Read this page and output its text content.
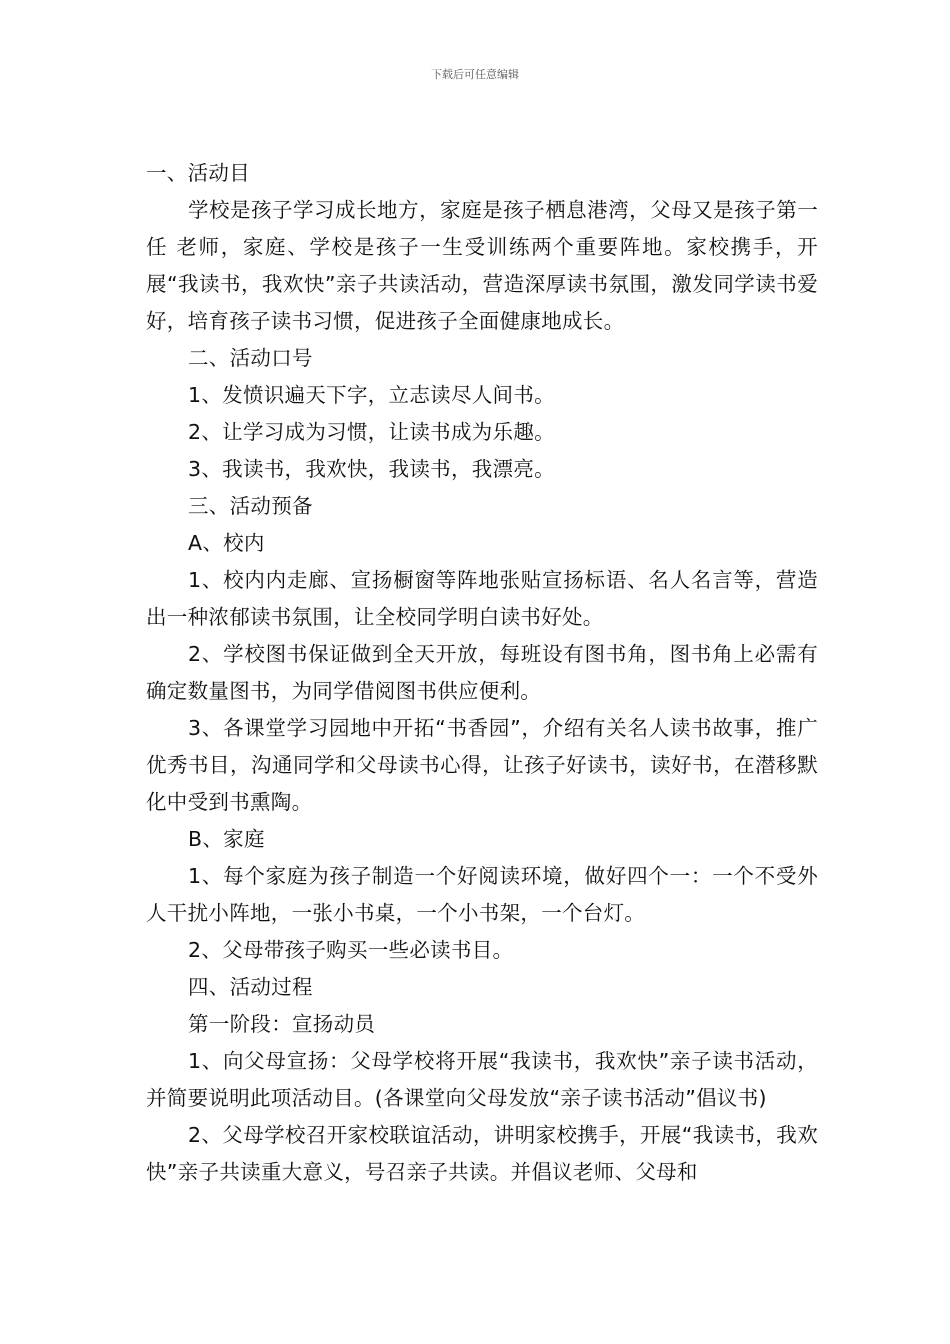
下载后可任意编辑

一、活动目

学校是孩子学习成长地方，家庭是孩子栖息港湾，父母又是孩子第一 任 老师，家庭、学校是孩子一生受训练两个重要阵地。家校携手，开展“我读书，我欢快”亲子共读活动，营造深厚读书氛围，激发同学读书爱好，培育孩子读书习惯，促进孩子全面健康地成长。

二、活动口号

1、发愤识遍天下字，立志读尽人间书。

2、让学习成为习惯，让读书成为乐趣。

3、我读书，我欢快，我读书，我漂亮。

三、活动预备

A、校内

1、校内内走廊、宣扬橱窗等阵地张贴宣扬标语、名人名言等，营造出一种浓郁读书氛围，让全校同学明白读书好处。

2、学校图书保证做到全天开放，每班设有图书角，图书角上必需有确定数量图书，为同学借阅图书供应便利。

3、各课堂学习园地中开拓“书香园”，介绍有关名人读书故事，推广优秀书目，沟通同学和父母读书心得，让孩子好读书，读好书，在潜移默化中受到书熏陶。

B、家庭

1、每个家庭为孩子制造一个好阅读环境，做好四个一：一个不受外人干扰小阵地，一张小书桌，一个小书架，一个台灯。

2、父母带孩子购买一些必读书目。

四、活动过程

第一阶段：宣扬动员

1、向父母宣扬：父母学校将开展“我读书，我欢快”亲子读书活动，并简要说明此项活动目。(各课堂向父母发放“亲子读书活动”倡议书)

2、父母学校召开家校联谊活动，讲明家校携手，开展“我读书，我欢快”亲子共读重大意义，号召亲子共读。并倡议老师、父母和
